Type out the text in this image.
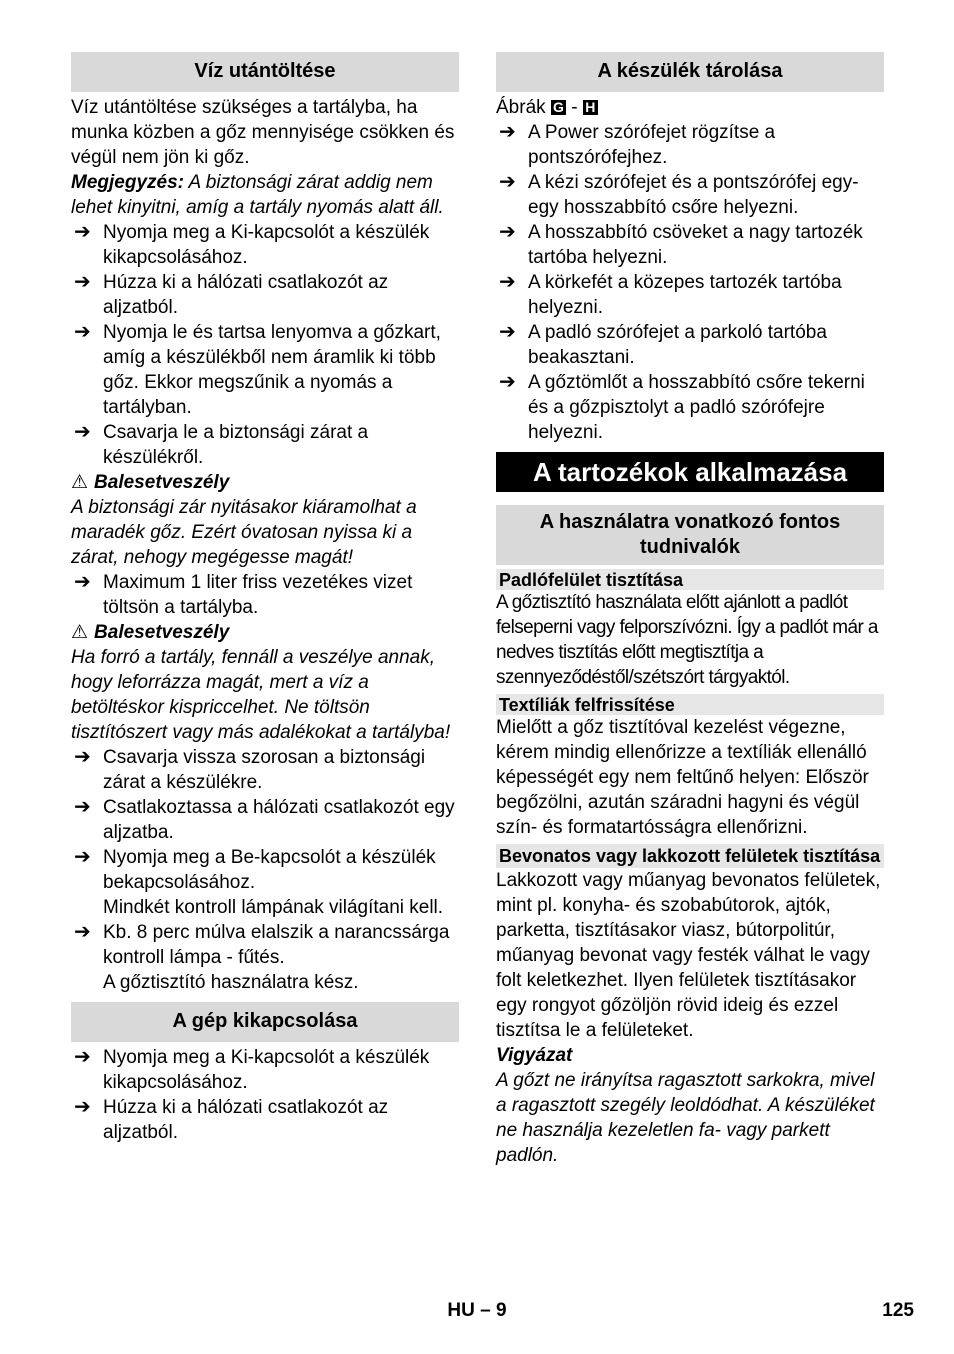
Víz utántöltése

Víz utántöltése szükséges a tartályba, ha munka közben a gőz mennyisége csökken és végül nem jön ki gőz.

Megjegyzés: A biztonsági zárat addig nem lehet kinyitni, amíg a tartály nyomás alatt áll.

➔ Nyomja meg a Ki-kapcsolót a készülék kikapcsolásához.
➔ Húzza ki a hálózati csatlakozót az aljzatból.
➔ Nyomja le és tartsa lenyomva a gőzkart, amíg a készülékből nem áramlik ki több gőz. Ekkor megszűnik a nyomás a tartályban.
➔ Csavarja le a biztonsági zárat a készülékről.
⚠ Balesetveszély

A biztonsági zár nyitásakor kiáramolhat a maradék gőz. Ezért óvatosan nyissa ki a zárat, nehogy megégesse magát!

➔ Maximum 1 liter friss vezetékes vizet töltsön a tartályba.
⚠ Balesetveszély

Ha forró a tartály, fennáll a veszélye annak, hogy leforrázza magát, mert a víz a betöltéskor kispriccelhet. Ne töltsön tisztítószert vagy más adalékokat a tartályba!

➔ Csavarja vissza szorosan a biztonsági zárat a készülékre.
➔ Csatlakoztassa a hálózati csatlakozót egy aljzatba.
➔ Nyomja meg a Be-kapcsolót a készülék bekapcsolásához.

Mindkét kontroll lámpának világítani kell.

➔ Kb. 8 perc múlva elalszik a narancssárga kontroll lámpa - fűtés.

A gőztisztító használatra kész.

A gép kikapcsolása
➔ Nyomja meg a Ki-kapcsolót a készülék kikapcsolásához.
➔ Húzza ki a hálózati csatlakozót az aljzatból.
A készülék tárolása

Ábrák G - H

➔ A Power szórófejet rögzítse a pontszórófejhez.
➔ A kézi szórófejet és a pontszórófej egy-egy hosszabbító csőre helyezni.
➔ A hosszabbító csöveket a nagy tartozék tartóba helyezni.
➔ A körkefét a közepes tartozék tartóba helyezni.
➔ A padló szórófejet a parkoló tartóba beakasztani.
➔ A gőztömlőt a hosszabbító csőre tekerni és a gőzpisztolyt a padló szórófejre helyezni.
A tartozékok alkalmazása
A használatra vonatkozó fontos tudnivalók
Padlófelület tisztítása

A gőztisztító használata előtt ajánlott a padlót felseperni vagy felporszívózni. Így a padlót már a nedves tisztítás előtt megtisztítja a szennyeződéstől/szétszórt tárgyaktól.

Textíliák felfrissítése

Mielőtt a gőz tisztítóval kezelést végezne, kérem mindig ellenőrizze a textíliák ellenálló képességét egy nem feltűnő helyen: Először begőzölni, azután száradni hagyni és végül szín- és formatartósságra ellenőrizni.

Bevonatos vagy lakkozott felületek tisztítása

Lakkozott vagy műanyag bevonatos felületek, mint pl. konyha- és szobabútorok, ajtók, parketta, tisztításakor viasz, bútorpolitúr, műanyag bevonat vagy festék válhat le vagy folt keletkezhet. Ilyen felületek tisztításakor egy rongyot gőzöljön rövid ideig és ezzel tisztítsa le a felületeket.

Vigyázat

A gőzt ne irányítsa ragasztott sarkokra, mivel a ragasztott szegély leoldódhat. A készüléket ne használja kezeletlen fa- vagy parkett padlón.

HU – 9	125
